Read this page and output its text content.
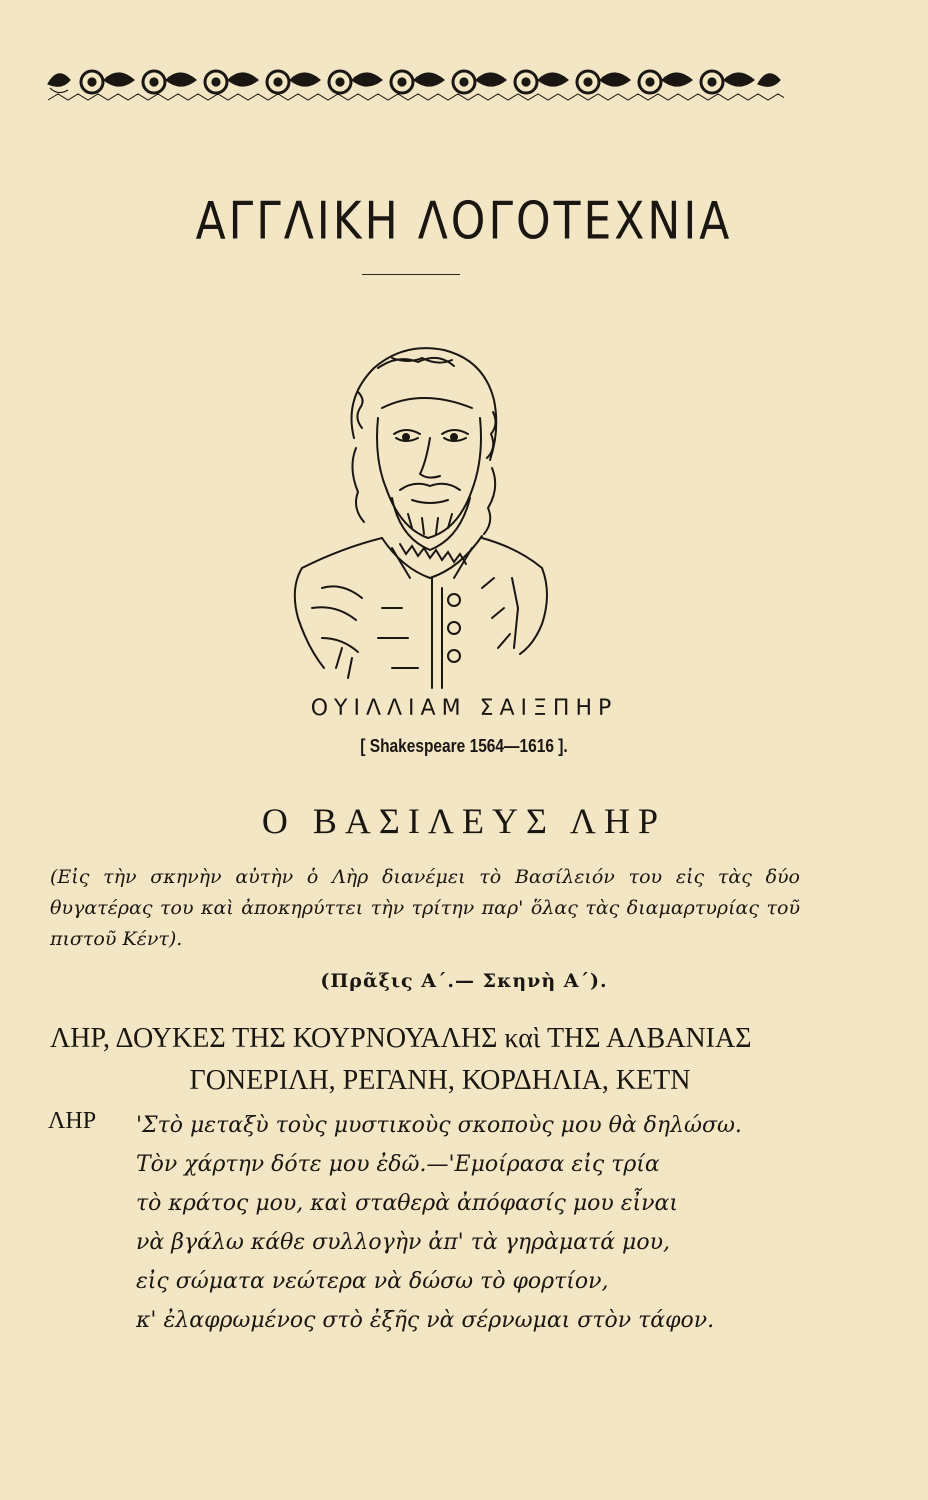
ΑΓΓΛΙΚΗ ΛΟΓΟΤΕΧΝΙΑ
ΟΥΙΛΛΙΑΜ ΣΑΙΞΠΗΡ
[ Shakespeare 1564—1616 ].
Ο ΒΑΣΙΛΕΥΣ ΛΗΡ
(Εἰς τὴν σκηνὴν αὐτὴν ὁ Λὴρ διανέμει τὸ Βασίλειόν του εἰς τὰς δύο θυγατέρας του καὶ ἀποκηρύττει τὴν τρίτην παρ' ὅλας τὰς διαμαρτυρίας τοῦ πιστοῦ Κέντ).
(Πρᾶξις Α΄.— Σκηνὴ Α΄).
ΛΗΡ, ΔΟΥΚΕΣ ΤΗΣ ΚΟΥΡΝΟΥΑΛΗΣ καὶ ΤΗΣ ΑΛΒΑΝΙΑΣ
ΓΟΝΕΡΙΛΗ, ΡΕΓΑΝΗ, ΚΟΡΔΗΛΙΑ, ΚΕΤΝ
ΛΗΡ 'Στὸ μεταξὺ τοὺς μυστικοὺς σκοποὺς μου θὰ δηλώσω.
Τὸν χάρτην δότε μου ἐδῶ.—'Εμοίρασα εἰς τρία
τὸ κράτος μου, καὶ σταθερὰ ἀπόφασίς μου εἶναι
νὰ βγάλω κάθε συλλογὴν ἀπ' τὰ γηρὰματά μου,
εἰς σώματα νεώτερα νὰ δώσω τὸ φορτίον,
κ' ἐλαφρωμένος στὸ ἐξῆς νὰ σέρνωμαι στὸν τάφον.
